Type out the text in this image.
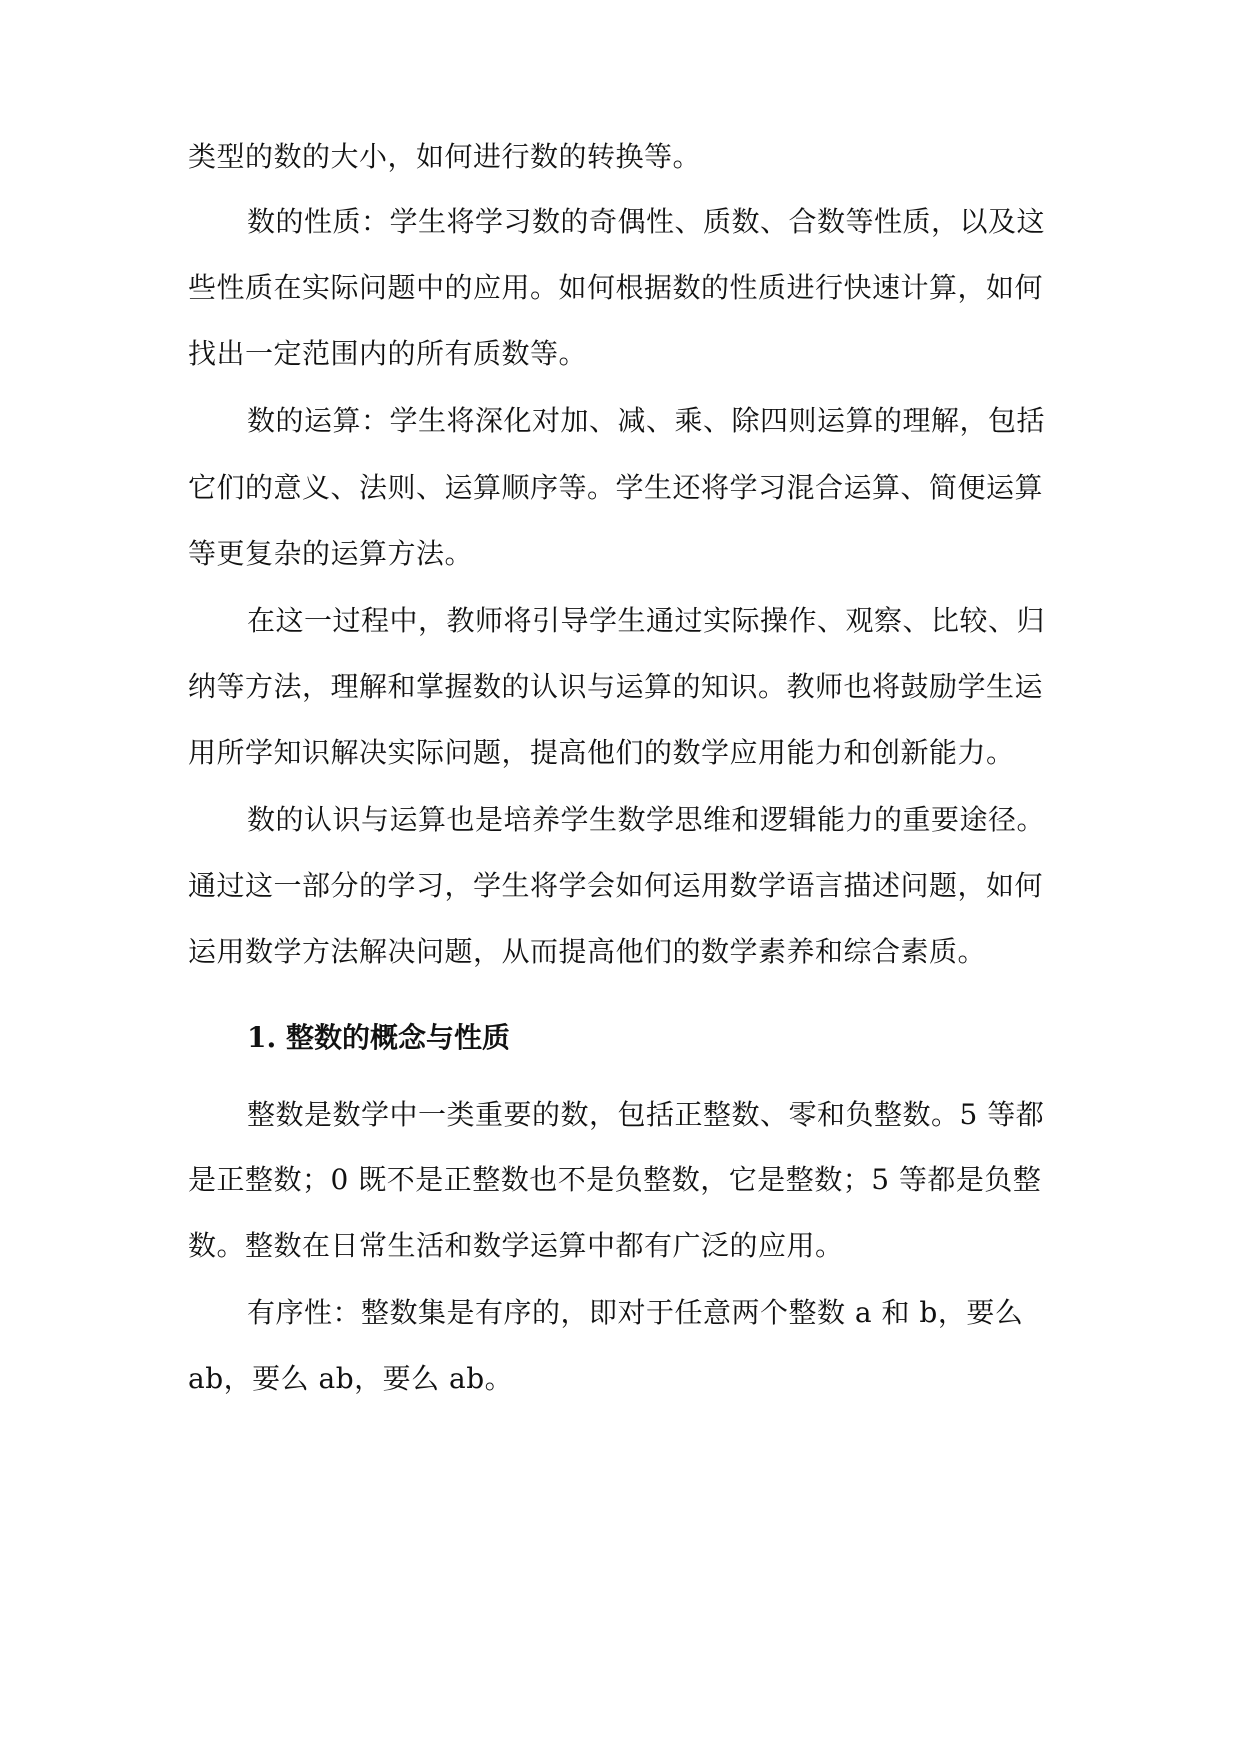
类型的数的大小，如何进行数的转换等。
数的性质：学生将学习数的奇偶性、质数、合数等性质，以及这
些性质在实际问题中的应用。如何根据数的性质进行快速计算，如何
找出一定范围内的所有质数等。
数的运算：学生将深化对加、减、乘、除四则运算的理解，包括
它们的意义、法则、运算顺序等。学生还将学习混合运算、简便运算
等更复杂的运算方法。
在这一过程中，教师将引导学生通过实际操作、观察、比较、归
纳等方法，理解和掌握数的认识与运算的知识。教师也将鼓励学生运
用所学知识解决实际问题，提高他们的数学应用能力和创新能力。
数的认识与运算也是培养学生数学思维和逻辑能力的重要途径。
通过这一部分的学习，学生将学会如何运用数学语言描述问题，如何
运用数学方法解决问题，从而提高他们的数学素养和综合素质。
1. 整数的概念与性质
整数是数学中一类重要的数，包括正整数、零和负整数。5 等都
是正整数；0 既不是正整数也不是负整数，它是整数；5 等都是负整
数。整数在日常生活和数学运算中都有广泛的应用。
有序性：整数集是有序的，即对于任意两个整数 a 和 b，要么
ab，要么 ab，要么 ab。
